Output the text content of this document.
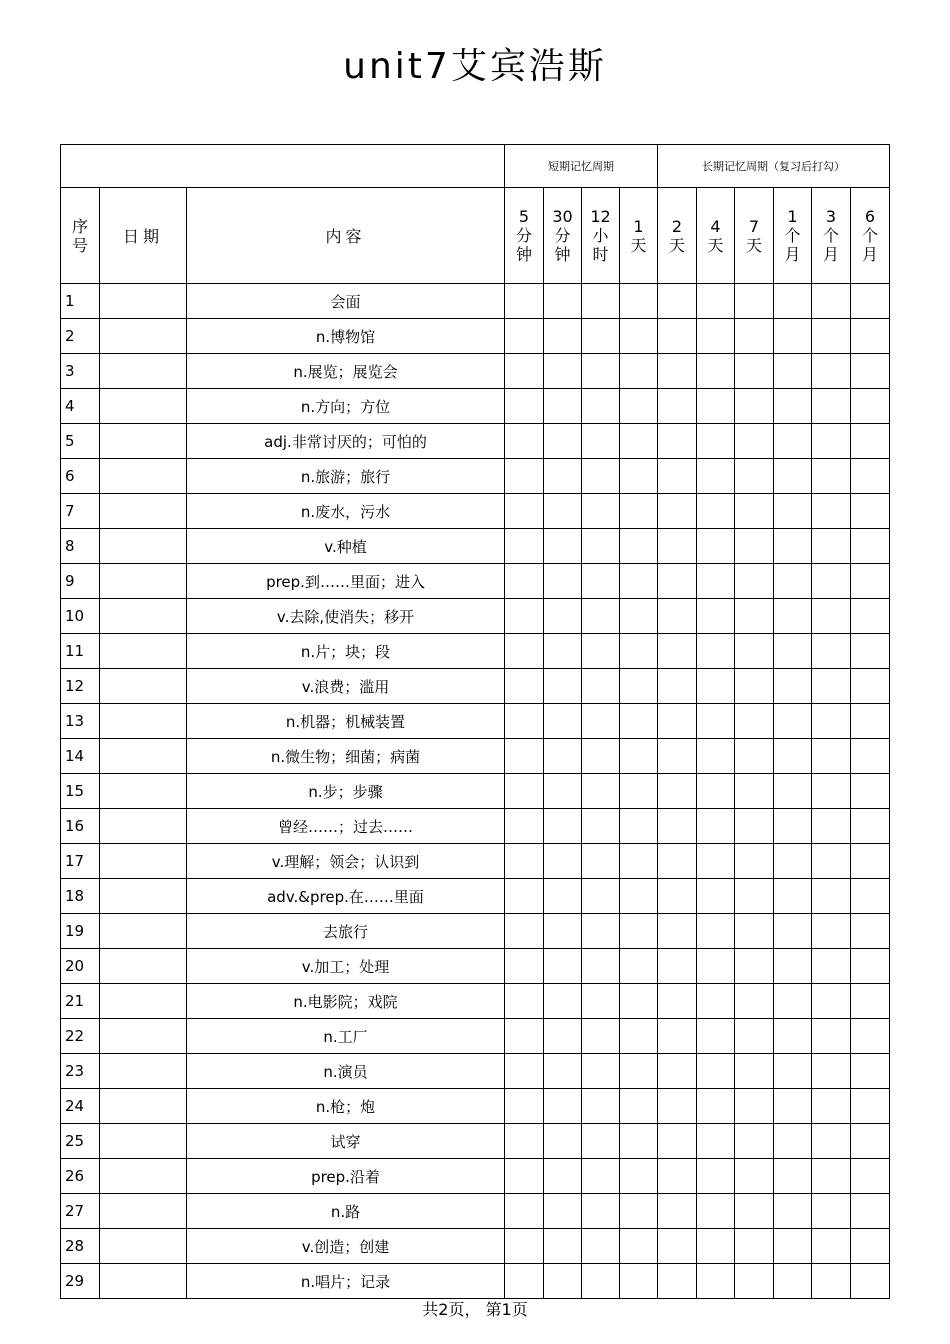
unit7艾宾浩斯
			短期记忆周期				长期记忆周期（复习后打勾）					

序
号	日期	内容	5
分
钟	30
分
钟	12
小
时	1
天	2
天	4
天	7
天	1
个
月	3
个
月	6
个
月

1		会面										
2		n.博物馆										
3		n.展览；展览会										
4		n.方向；方位										
5		adj.非常讨厌的；可怕的										
6		n.旅游；旅行										
7		n.废水，污水										
8		v.种植										
9		prep.到……里面；进入										
10		v.去除,使消失；移开										
11		n.片；块；段										
12		v.浪费；滥用										
13		n.机器；机械装置										
14		n.微生物；细菌；病菌										
15		n.步；步骤										
16		曾经……；过去……										
17		v.理解；领会；认识到										
18		adv.&prep.在……里面										
19		去旅行										
20		v.加工；处理										
21		n.电影院；戏院										
22		n.工厂										
23		n.演员										
24		n.枪；炮										
25		试穿										
26		prep.沿着										
27		n.路										
28		v.创造；创建										
29		n.唱片；记录										
共2页， 第1页
